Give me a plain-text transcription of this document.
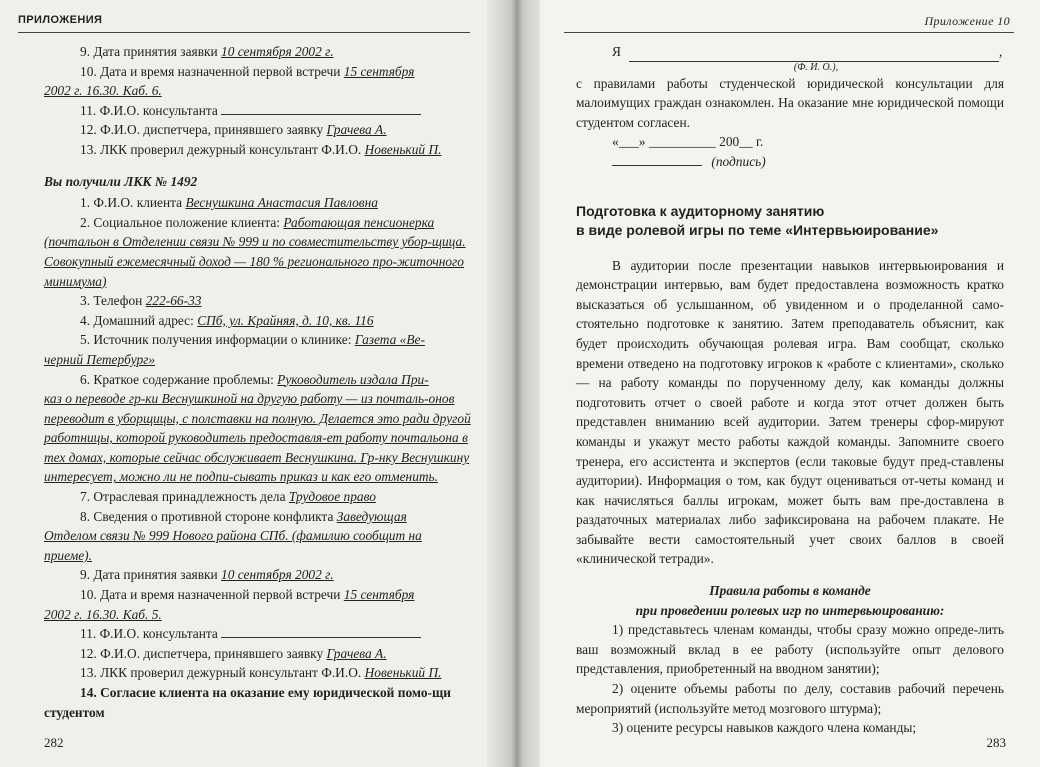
ПРИЛОЖЕНИЯ

9. Дата принятия заявки 10 сентября 2002 г.

10. Дата и время назначенной первой встречи 15 сентября

2002 г. 16.30. Каб. 6.

11. Ф.И.О. консультанта

12. Ф.И.О. диспетчера, принявшего заявку Грачева А.

13. ЛКК проверил дежурный консультант Ф.И.О. Новенький П.

Вы получили ЛКК № 1492

1. Ф.И.О. клиента Веснушкина Анастасия Павловна

2. Социальное положение клиента: Работающая пенсионерка

(почтальон в Отделении связи № 999 и по совместительству убор-щица. Совокупный ежемесячный доход — 180 % регионального про-житочного минимума)

3. Телефон 222-66-33

4. Домашний адрес: СПб, ул. Крайняя, д. 10, кв. 116

5. Источник получения информации о клинике: Газета «Ве-

черний Петербург»

6. Краткое содержание проблемы: Руководитель издала При-

каз о переводе гр-ки Веснушкиной на другую работу — из почталь-онов переводит в уборщицы, с полставки на полную. Делается это ради другой работницы, которой руководитель предоставля-ет работу почтальона в тех домах, которые сейчас обслуживает Веснушкина. Гр-нку Веснушкину интересует, можно ли не подпи-сывать приказ и как его отменить.

7. Отраслевая принадлежность дела Трудовое право

8. Сведения о противной стороне конфликта Заведующая

Отделом связи № 999 Нового района СПб. (фамилию сообщит на приеме).

9. Дата принятия заявки 10 сентября 2002 г.

10. Дата и время назначенной первой встречи 15 сентября

2002 г. 16.30. Каб. 5.

11. Ф.И.О. консультанта

12. Ф.И.О. диспетчера, принявшего заявку Грачева А.

13. ЛКК проверил дежурный консультант Ф.И.О. Новенький П.

14. Согласие клиента на оказание ему юридической помо-щи студентом

282
Приложение 10

Я	,

(Ф. И. О.),

с правилами работы студенческой юридической консультации для малоимущих граждан ознакомлен. На оказание мне юридической помощи студентом согласен.

«___» __________ 200__ г.

(подпись)

Подготовка к аудиторному занятию

в виде ролевой игры по теме «Интервьюирование»

В аудитории после презентации навыков интервьюирования и демонстрации интервью, вам будет предоставлена возможность кратко высказаться об услышанном, об увиденном и о проделанной само-стоятельно подготовке к занятию. Затем преподаватель объяснит, как будет происходить обучающая ролевая игра. Вам сообщат, сколько времени отведено на подготовку игроков к «работе с клиентами», сколько — на работу команды по порученному делу, как команды должны подготовить отчет о своей работе и когда этот отчет должен быть представлен вниманию всей аудитории. Затем тренеры сфор-мируют команды и укажут место работы каждой команды. Запомните своего тренера, его ассистента и экспертов (если таковые будут пред-ставлены аудитории). Информация о том, как будут оцениваться от-четы команд и как начисляться баллы игрокам, может быть вам пре-доставлена в раздаточных материалах либо зафиксирована на рабочем плакате. Не забывайте вести самостоятельный учет своих баллов в своей «клинической тетради».

Правила работы в команде

при проведении ролевых игр по интервьюированию:

1) представьтесь членам команды, чтобы сразу можно опреде-лить ваш возможный вклад в ее работу (используйте опыт делового представления, приобретенный на вводном занятии);

2) оцените объемы работы по делу, составив рабочий перечень мероприятий (используйте метод мозгового штурма);

3) оцените ресурсы навыков каждого члена команды;

283
